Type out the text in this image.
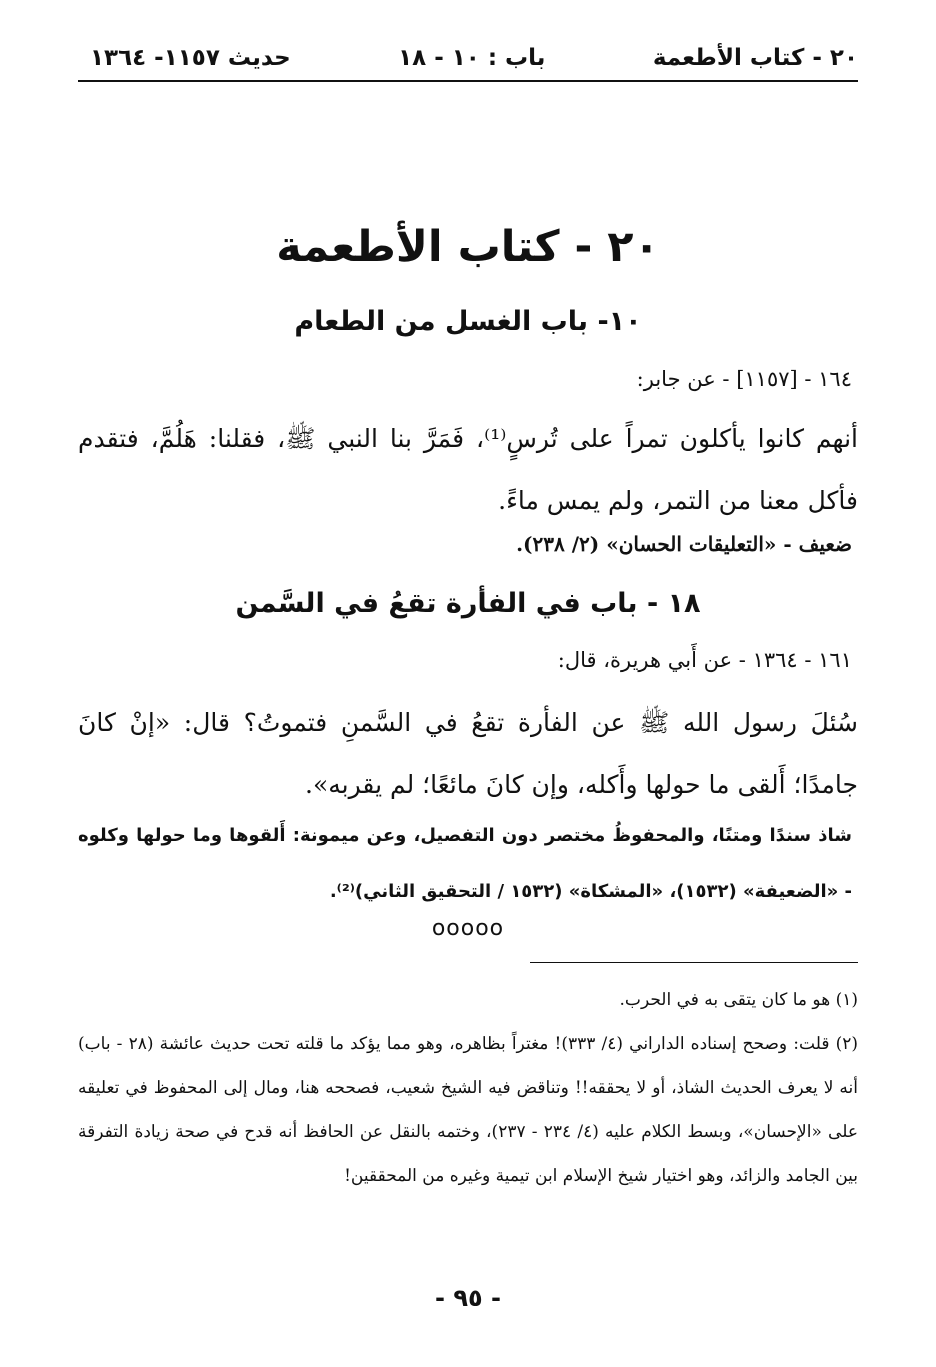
٢٠ - كتاب الأطعمة
باب : ١٠ - ١٨
حديث ١١٥٧- ١٣٦٤
٢٠ - كتاب الأطعمة
١٠- باب الغسل من الطعام
١٦٤ - [١١٥٧] - عن جابر:
أنهم كانوا يأكلون تمراً على تُرسٍ⁽¹⁾، فَمَرَّ بنا النبي ﷺ، فقلنا: هَلُمَّ، فتقدم فأكل معنا من التمر، ولم يمس ماءً.
ضعيف - «التعليقات الحسان» (٢/ ٢٣٨).
١٨ - باب في الفأرة تقعُ في السَّمن
١٦١ - ١٣٦٤ - عن أَبي هريرة، قال:
سُئلَ رسول الله ﷺ عن الفأرة تقعُ في السَّمنِ فتموتُ؟ قال: «إنْ كانَ جامدًا؛ أَلقى ما حولها وأَكله، وإن كانَ مائعًا؛ لم يقربه».
شاذ سندًا ومتنًا، والمحفوظُ مختصر دون التفصيل، وعن ميمونة: أَلقوها وما حولها وكلوه - «الضعيفة» (١٥٣٢)، «المشكاة» (١٥٣٢ / التحقيق الثاني)⁽²⁾.
ooooo

(١) هو ما كان يتقى به في الحرب.

(٢) قلت: وصحح إسناده الداراني (٤/ ٣٣٣)! مغتراً بظاهره، وهو مما يؤكد ما قلته تحت حديث عائشة (٢٨ - باب) أنه لا يعرف الحديث الشاذ، أو لا يحققه!! وتناقض فيه الشيخ شعيب، فصححه هنا، ومال إلى المحفوظ في تعليقه على «الإحسان»، وبسط الكلام عليه (٤/ ٢٣٤ - ٢٣٧)، وختمه بالنقل عن الحافظ أنه قدح في صحة زيادة التفرقة بين الجامد والزائد، وهو اختيار شيخ الإسلام ابن تيمية وغيره من المحققين!

- ٩٥ -
